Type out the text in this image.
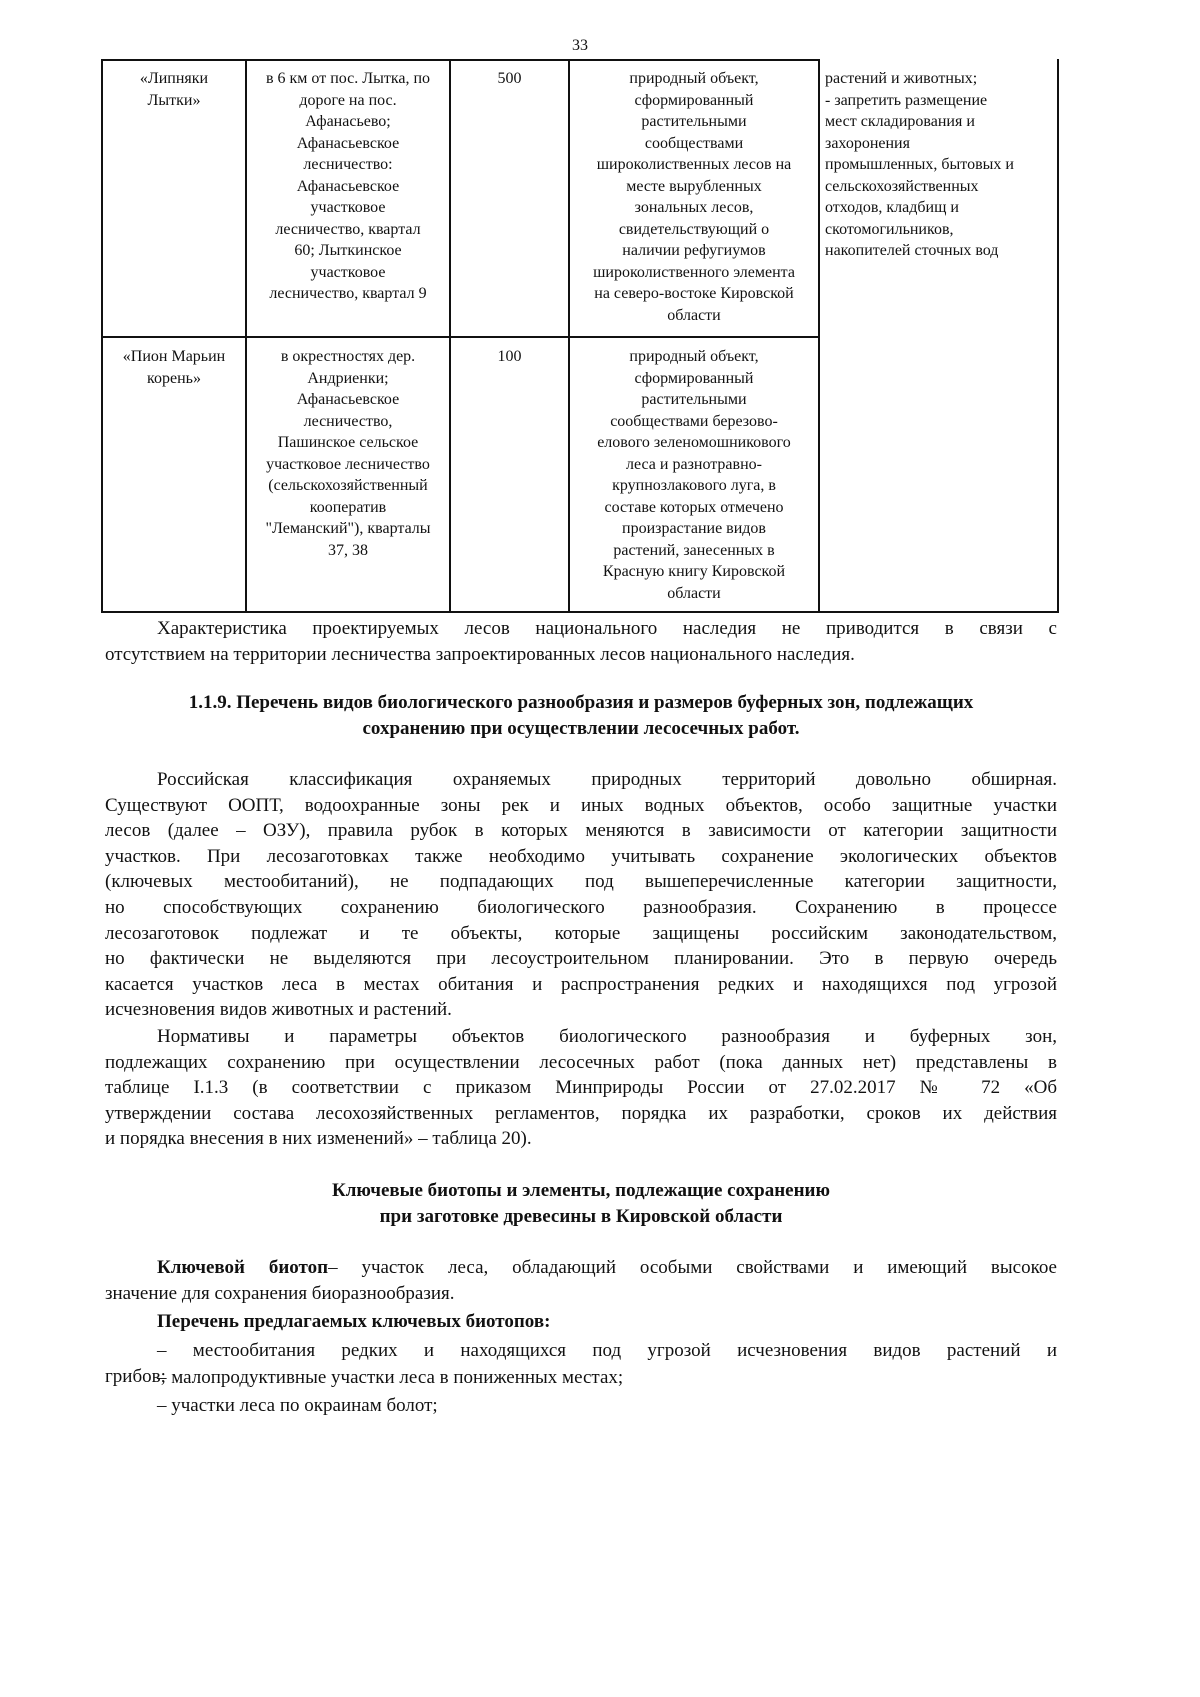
33
«Липняки
Лытки»
в 6 км от пос. Лытка, по
дороге на пос.
Афанасьево;
Афанасьевское
лесничество:
Афанасьевское
участковое
лесничество, квартал
60; Лыткинское
участковое
лесничество, квартал 9
500	природный объект,
сформированный
растительными
сообществами
широколиственных лесов на
месте вырубленных
зональных лесов,
свидетельствующий о
наличии рефугиумов
широколиственного элемента
на северо-востоке Кировской
области
растений и животных;
- запретить размещение
мест складирования и
захоронения
промышленных, бытовых и
сельскохозяйственных
отходов, кладбищ и
скотомогильников,
накопителей сточных вод
«Пион Марьин
корень»
в окрестностях дер.
Андриенки;
Афанасьевское
лесничество,
Пашинское сельское
участковое лесничество
(сельскохозяйственный
кооператив
"Леманский"), кварталы
37, 38
100	природный объект,
сформированный
растительными
сообществами березово-
елового зеленомошникового
леса и разнотравно-
крупнозлакового луга, в
составе которых отмечено
произрастание видов
растений, занесенных в
Красную книгу Кировской
области
Характеристика проектируемых лесов национального наследия не приводится в связи с
отсутствием на территории лесничества запроектированных лесов национального наследия.
1.1.9. Перечень видов биологического разнообразия и размеров буферных зон, подлежащих
сохранению при осуществлении лесосечных работ.
Российская классификация охраняемых природных территорий довольно обширная.
Существуют ООПТ, водоохранные зоны рек и иных водных объектов, особо защитные участки
лесов (далее – ОЗУ), правила рубок в которых меняются в зависимости от категории защитности
участков. При лесозаготовках также необходимо учитывать сохранение экологических объектов
(ключевых местообитаний), не подпадающих под вышеперечисленные категории защитности,
но способствующих сохранению биологического разнообразия. Сохранению в процессе
лесозаготовок подлежат и те объекты, которые защищены российским законодательством,
но фактически не выделяются при лесоустроительном планировании. Это в первую очередь
касается участков леса в местах обитания и распространения редких и находящихся под угрозой
исчезновения видов животных и растений.
Нормативы и параметры объектов биологического разнообразия и буферных зон,
подлежащих сохранению при осуществлении лесосечных работ (пока данных нет) представлены в
таблице I.1.3 (в соответствии с приказом Минприроды России от 27.02.2017 № 72 «Об
утверждении состава лесохозяйственных регламентов, порядка их разработки, сроков их действия
и порядка внесения в них изменений» – таблица 20).
Ключевые биотопы и элементы, подлежащие сохранению
при заготовке древесины в Кировской области
Ключевой биотоп– участок леса, обладающий особыми свойствами и имеющий высокое
значение для сохранения биоразнообразия.
Перечень предлагаемых ключевых биотопов:
– местообитания редких и находящихся под угрозой исчезновения видов растений и
грибов;
– малопродуктивные участки леса в пониженных местах;
– участки леса по окраинам болот;
